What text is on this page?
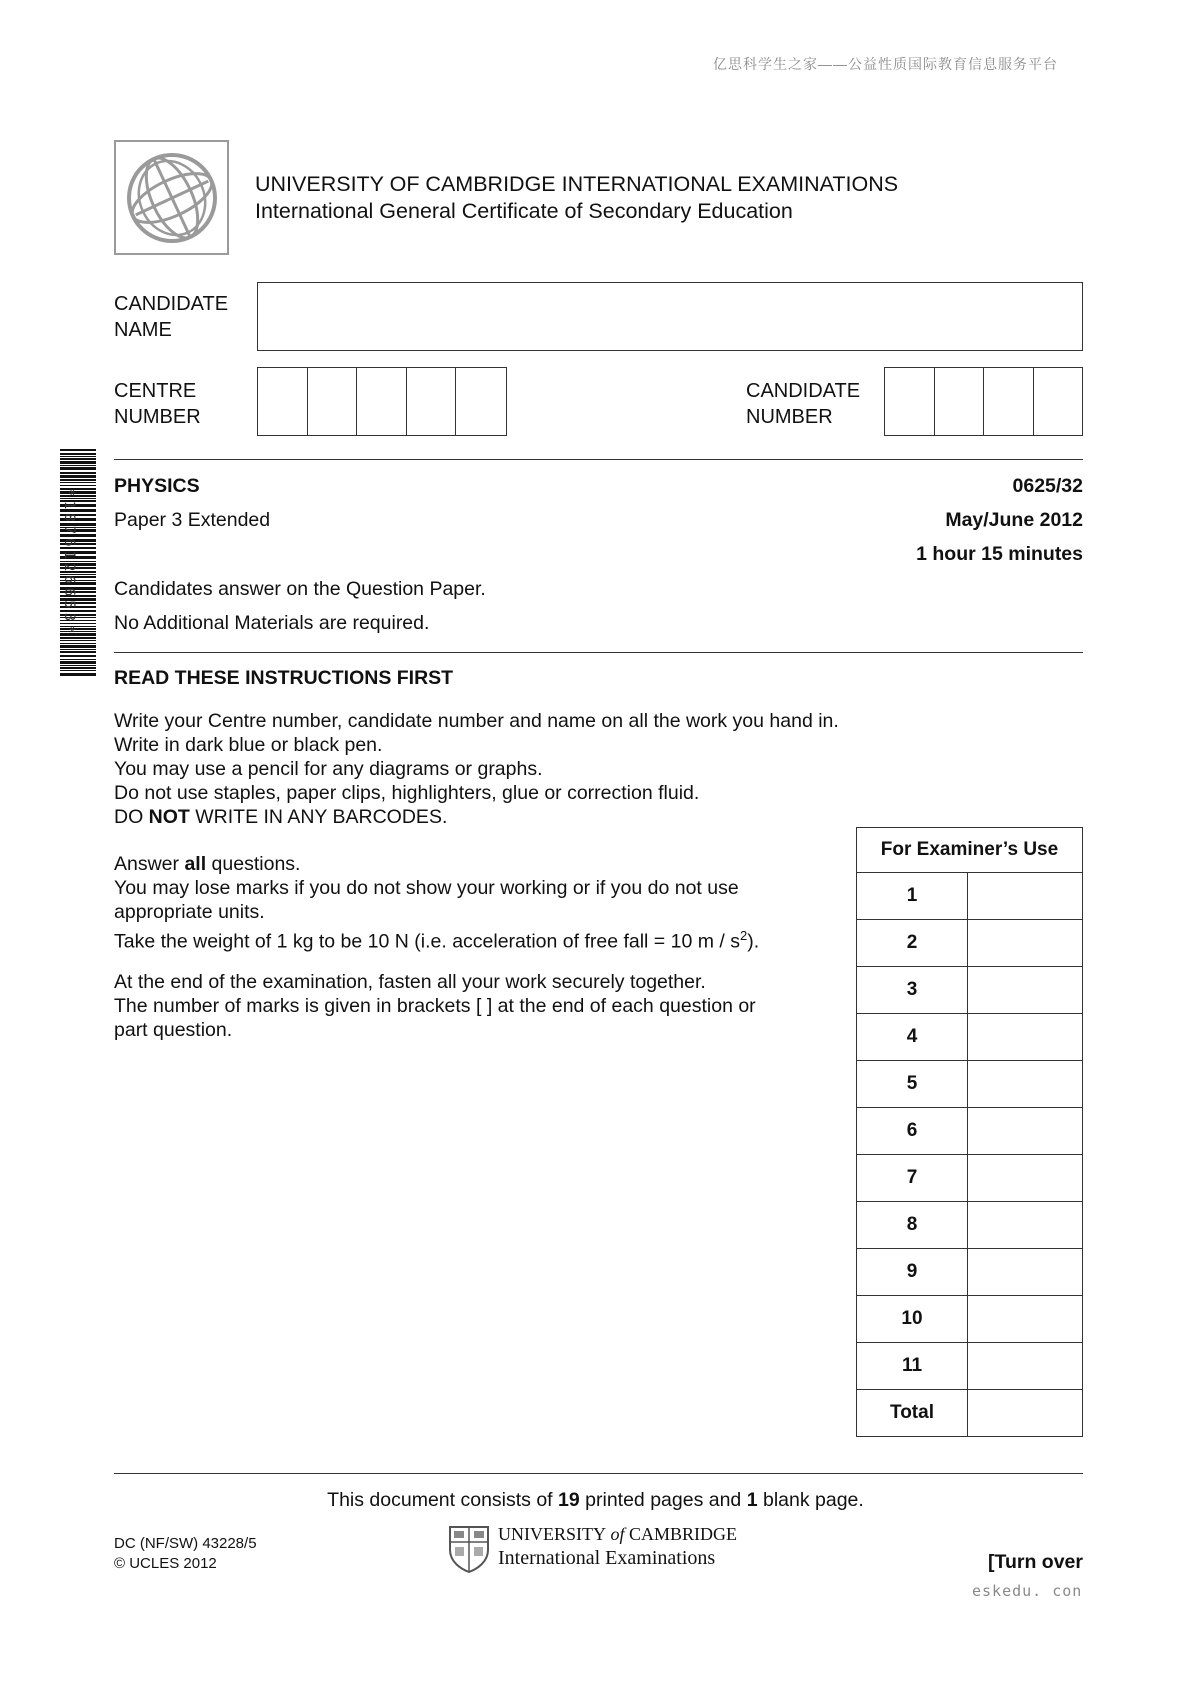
亿思科学生之家——公益性质国际教育信息服务平台
UNIVERSITY OF CAMBRIDGE INTERNATIONAL EXAMINATIONS
International General Certificate of Secondary Education
CANDIDATE
NAME
CENTRE
NUMBER
CANDIDATE
NUMBER
*1876126653*
PHYSICS	0625/32
Paper 3 Extended	May/June 2012
1 hour 15 minutes
Candidates answer on the Question Paper.
No Additional Materials are required.
READ THESE INSTRUCTIONS FIRST
Write your Centre number, candidate number and name on all the work you hand in.
Write in dark blue or black pen.
You may use a pencil for any diagrams or graphs.
Do not use staples, paper clips, highlighters, glue or correction fluid.
DO NOT WRITE IN ANY BARCODES.
Answer all questions.
You may lose marks if you do not show your working or if you do not use
appropriate units.
Take the weight of 1 kg to be 10 N (i.e. acceleration of free fall = 10 m / $s^2$).
At the end of the examination, fasten all your work securely together.
The number of marks is given in brackets [ ] at the end of each question or
part question.
For Examiner’s Use	
1	
2	
3	
4	
5	
6	
7	
8	
9	
10	
11	
Total	
This document consists of 19 printed pages and 1 blank page.
DC (NF/SW) 43228/5
© UCLES 2012
UNIVERSITY of CAMBRIDGE
International Examinations	[Turn over
eskedu. con
